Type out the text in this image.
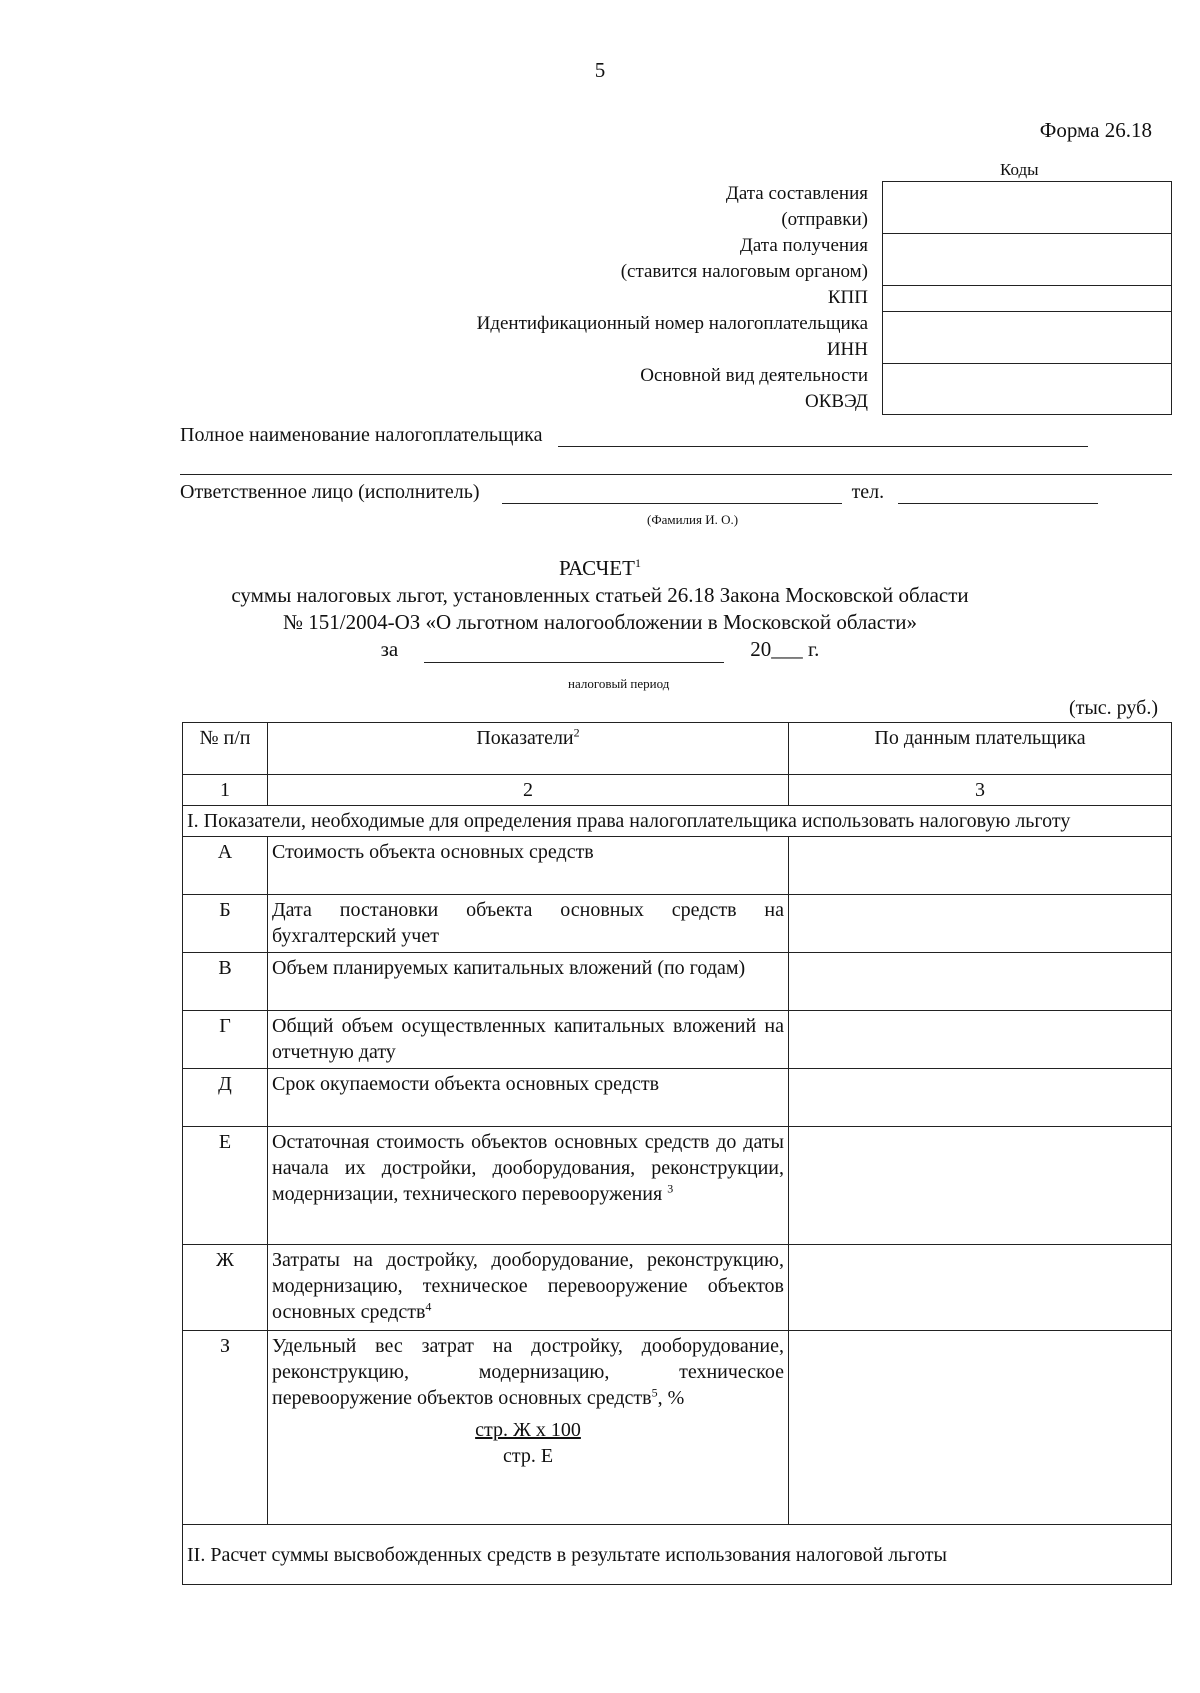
5
Форма 26.18
Коды
Дата составления
(отправки)
Дата получения
(ставится налоговым органом)
КПП
Идентификационный номер налогоплательщика
ИНН
Основной вид деятельности
ОКВЭД
Полное наименование налогоплательщика
Ответственное лицо (исполнитель)	тел.
(Фамилия И. О.)
РАСЧЕТ$^1$
суммы налоговых льгот, установленных статьей 26.18 Закона Московской области
№ 151/2004-ОЗ «О льготном налогообложении в Московской области»
за	20___ г.
налоговый период
(тыс. руб.)
№ п/п	Показатели$^2$	По данным плательщика
1	2	3
I. Показатели, необходимые для определения права налогоплательщика использовать налоговую льготу		
А	Стоимость объекта основных средств	
Б	Дата постановки объекта основных средств на бухгалтерский учет	
В	Объем планируемых капитальных вложений (по годам)	
Г	Общий объем осуществленных капитальных вложений на отчетную дату	
Д	Срок окупаемости объекта основных средств	
Е	Остаточная стоимость объектов основных средств до даты начала их достройки, дооборудования, реконструкции, модернизации, технического перевооружения $^3$	
Ж	Затраты на достройку, дооборудование, реконструкцию, модернизацию, техническое перевооружение объектов основных средств$^4$	
З	Удельный вес затрат на достройку, дооборудование, реконструкцию, модернизацию, техническое перевооружение объектов основных средств$^5$, %
стр. Ж х 100
стр. Е	

II. Расчет суммы высвобожденных средств в результате использования налоговой льготы		
